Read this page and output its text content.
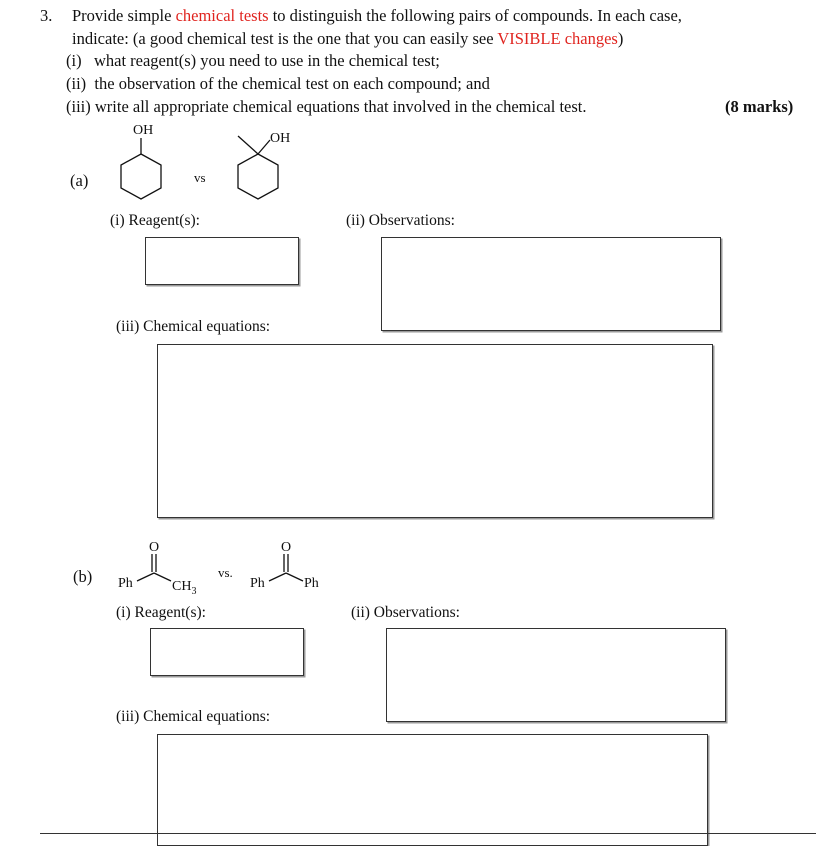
3. Provide simple chemical tests to distinguish the following pairs of compounds. In each case,
indicate: (a good chemical test is the one that you can easily see VISIBLE changes)
(i) what reagent(s) you need to use in the chemical test;
(ii) the observation of the chemical test on each compound; and
(iii) write all appropriate chemical equations that involved in the chemical test.	(8 marks)
(a)
OH
vs
OH
(i) Reagent(s):	(ii) Observations:
(iii) Chemical equations:
(b)
O
Ph	$CH_3$
vs.
O
Ph	Ph
(i) Reagent(s):	(ii) Observations:
(iii) Chemical equations:
